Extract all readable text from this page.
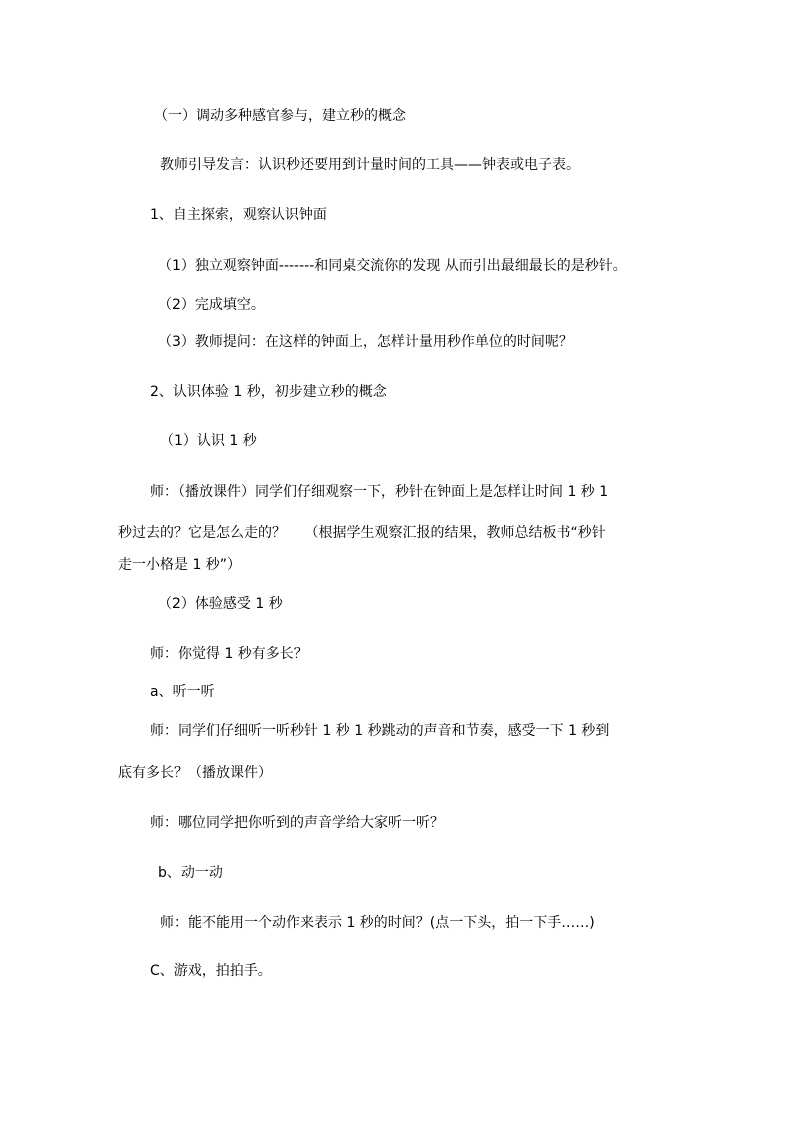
（一）调动多种感官参与，建立秒的概念
教师引导发言：认识秒还要用到计量时间的工具——钟表或电子表。
1、自主探索，观察认识钟面
（1）独立观察钟面-------和同桌交流你的发现 从而引出最细最长的是秒针。
（2）完成填空。
（3）教师提问：在这样的钟面上，怎样计量用秒作单位的时间呢？
2、认识体验 1 秒，初步建立秒的概念
（1）认识 1 秒
师：（播放课件）同学们仔细观察一下，秒针在钟面上是怎样让时间 1 秒 1
秒过去的？它是怎么走的？　 （根据学生观察汇报的结果，教师总结板书“秒针
走一小格是 1 秒”）
（2）体验感受 1 秒
师：你觉得 1 秒有多长？
a、听一听
师：同学们仔细听一听秒针 1 秒 1 秒跳动的声音和节奏，感受一下 1 秒到
底有多长？（播放课件）
师：哪位同学把你听到的声音学给大家听一听？
b、动一动
师：能不能用一个动作来表示 1 秒的时间？(点一下头，拍一下手……)
C、游戏，拍拍手。
